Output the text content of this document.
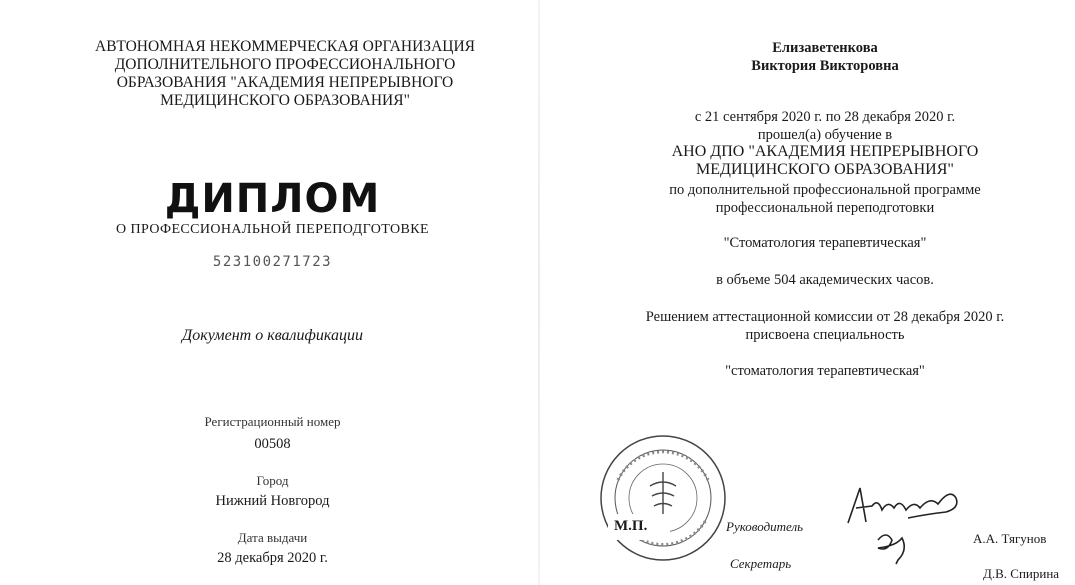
АВТОНОМНАЯ НЕКОММЕРЧЕСКАЯ ОРГАНИЗАЦИЯ
ДОПОЛНИТЕЛЬНОГО ПРОФЕССИОНАЛЬНОГО
ОБРАЗОВАНИЯ "АКАДЕМИЯ НЕПРЕРЫВНОГО
МЕДИЦИНСКОГО ОБРАЗОВАНИЯ"
ДИПЛОМ
О ПРОФЕССИОНАЛЬНОЙ ПЕРЕПОДГОТОВКЕ
523100271723
Документ о квалификации
Регистрационный номер
00508
Город
Нижний Новгород
Дата выдачи
28 декабря 2020 г.
Елизаветенкова
Виктория Викторовна
с 21 сентября 2020 г. по 28 декабря 2020 г.
прошел(а) обучение в
АНО ДПО "АКАДЕМИЯ НЕПРЕРЫВНОГО
МЕДИЦИНСКОГО ОБРАЗОВАНИЯ"
по дополнительной профессиональной программе
профессиональной переподготовки
"Стоматология терапевтическая"
в объеме 504 академических часов.
Решением аттестационной комиссии от 28 декабря 2020 г.
присвоена специальность
"стоматология терапевтическая"
М.П.	Руководитель
А.А. Тягунов
Секретарь
Д.В. Спирина
